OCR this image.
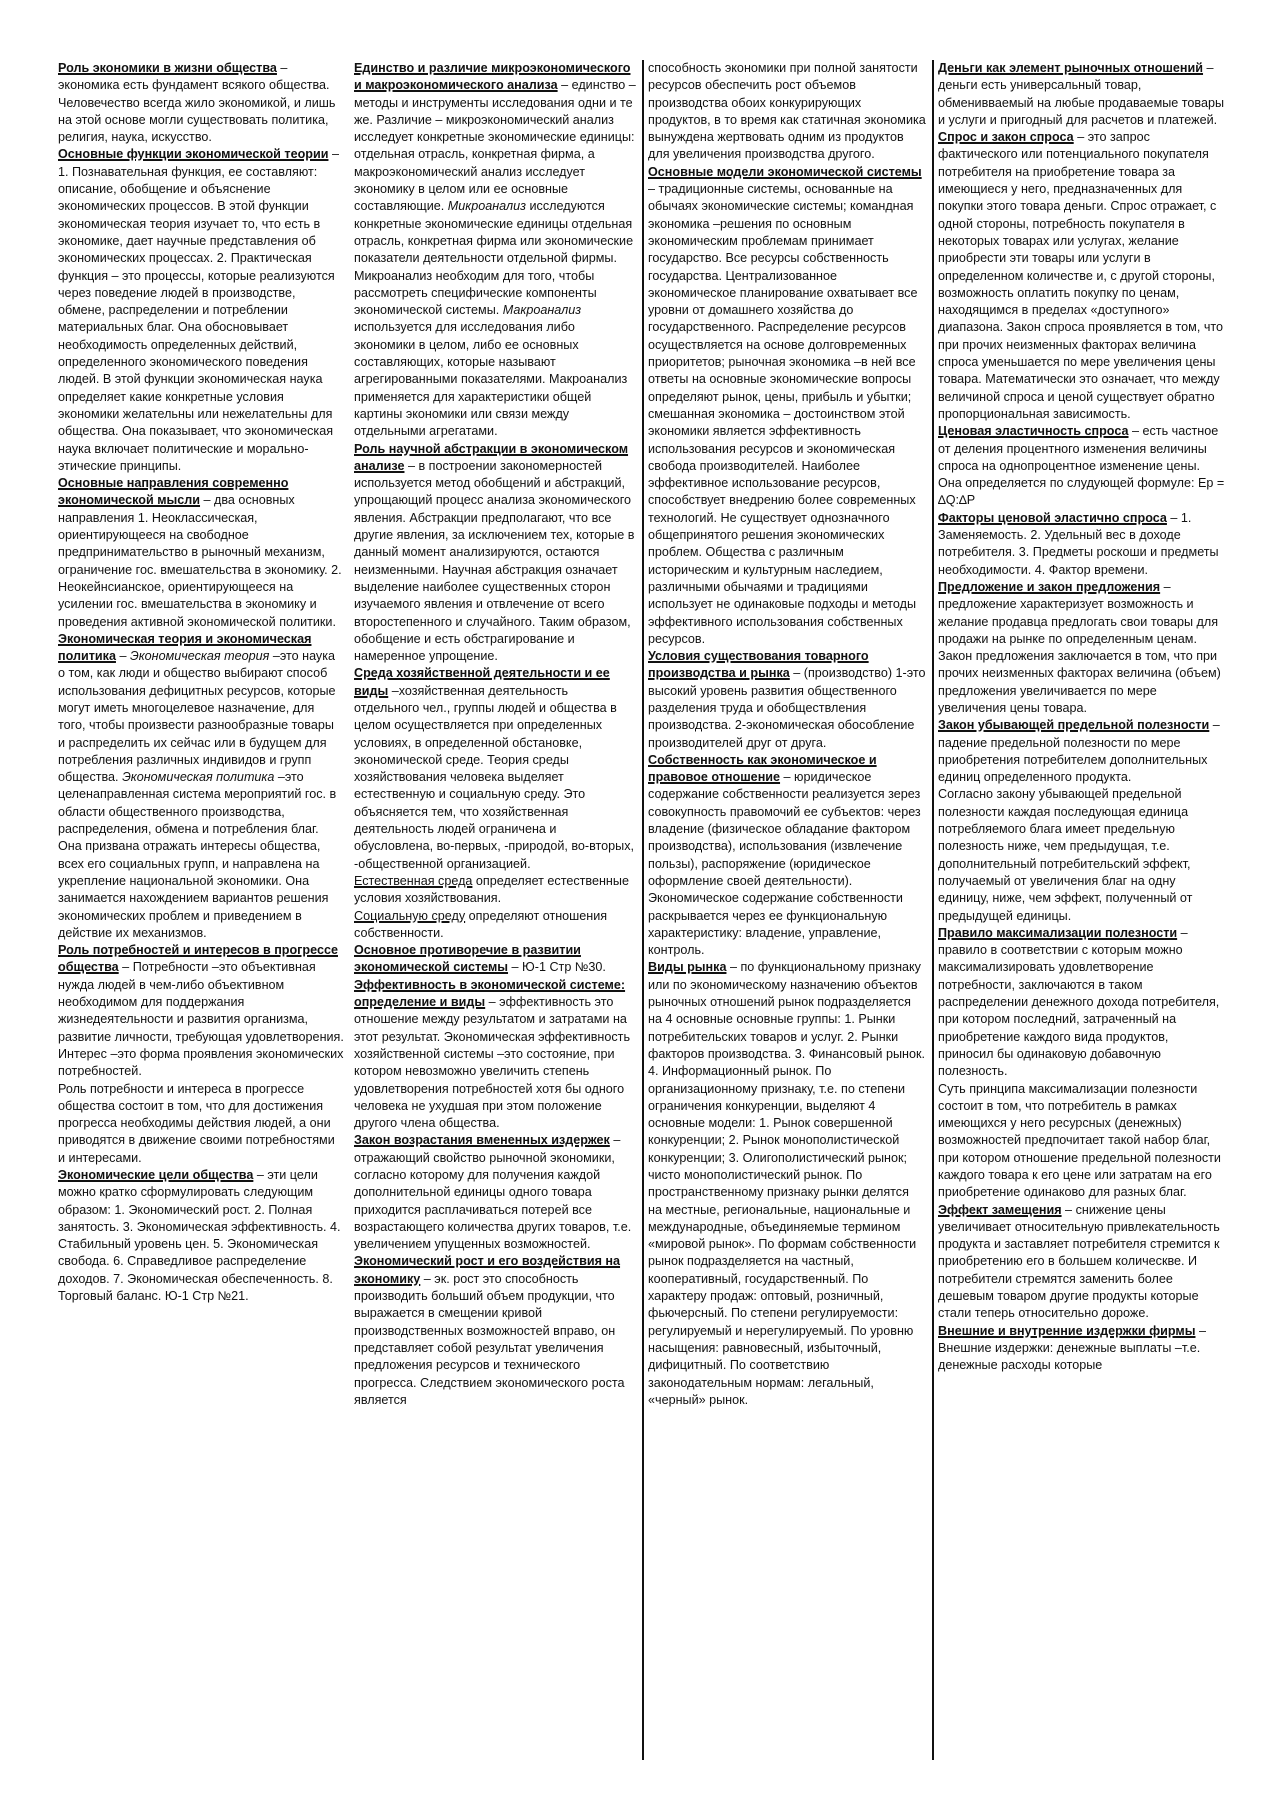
Роль экономики в жизни общества – экономика есть фундамент всякого общества. Человечество всегда жило экономикой, и лишь на этой основе могли существовать политика, религия, наука, искусство.

Основные функции экономической теории – 1. Познавательная функция, ее составляют: описание, обобщение и объяснение экономических процессов. В этой функции экономическая теория изучает то, что есть в экономике, дает научные представления об экономических процессах. 2. Практическая функция – это процессы, которые реализуются через поведение людей в производстве, обмене, распределении и потреблении материальных благ. Она обосновывает необходимость определенных действий, определенного экономического поведения людей. В этой функции экономическая наука определяет какие конкретные условия экономики желательны или нежелательны для общества. Она показывает, что экономическая наука включает политические и морально-этические принципы.

Основные направления современно экономической мысли – два основных направления 1. Неоклассическая, ориентирующееся на свободное предпринимательство в рыночный механизм, ограничение гос. вмешательства в экономику. 2. Неокейнсианское, ориентирующееся на усилении гос. вмешательства в экономику и проведения активной экономической политики.

Экономическая теория и экономическая политика – Экономическая теория –это наука о том, как люди и общество выбирают способ использования дефицитных ресурсов, которые могут иметь многоцелевое назначение, для того, чтобы произвести разнообразные товары и распределить их сейчас или в будущем для потребления различных индивидов и групп общества. Экономическая политика –это целенаправленная система мероприятий гос. в области общественного производства, распределения, обмена и потребления благ. Она призвана отражать интересы общества, всех его социальных групп, и направлена на укрепление национальной экономики. Она занимается нахождением вариантов решения экономических проблем и приведением в действие их механизмов.

Роль потребностей и интересов в прогрессе общества – Потребности –это объективная нужда людей в чем-либо объективном необходимом для поддержания жизнедеятельности и развития организма, развитие личности, требующая удовлетворения. Интерес –это форма проявления экономических потребностей.

Роль потребности и интереса в прогрессе общества состоит в том, что для достижения прогресса необходимы действия людей, а они приводятся в движение своими потребностями и интересами.

Экономические цели общества – эти цели можно кратко сформулировать следующим образом: 1. Экономический рост. 2. Полная занятость. 3. Экономическая эффективность. 4. Стабильный уровень цен. 5. Экономическая свобода. 6. Справедливое распределение доходов. 7. Экономическая обеспеченность. 8. Торговый баланс. Ю-1 Стр №21.

Единство и различие микроэкономического и макроэкономического анализа – единство –методы и инструменты исследования одни и те же. Различие – микроэкономический анализ исследует конкретные экономические единицы: отдельная отрасль, конкретная фирма, а макроэкономический анализ исследует экономику в целом или ее основные составляющие. Микроанализ исследуются конкретные экономические единицы отдельная отрасль, конкретная фирма или экономические показатели деятельности отдельной фирмы. Микроанализ необходим для того, чтобы рассмотреть специфические компоненты экономической системы. Макроанализ используется для исследования либо экономики в целом, либо ее основных составляющих, которые называют агрегированными показателями. Макроанализ применяется для характеристики общей картины экономики или связи между отдельными агрегатами.

Роль научной абстракции в экономическом анализе – в построении закономерностей используется метод обобщений и абстракций, упрощающий процесс анализа экономического явления. Абстракции предполагают, что все другие явления, за исключением тех, которые в данный момент анализируются, остаются неизменными. Научная абстракция означает выделение наиболее существенных сторон изучаемого явления и отвлечение от всего второстепенного и случайного. Таким образом, обобщение и есть обстрагирование и намеренное упрощение.

Среда хозяйственной деятельности и ее виды –хозяйственная деятельность отдельного чел., группы людей и общества в целом осуществляется при определенных условиях, в определенной обстановке, экономической среде. Теория среды хозяйствования человека выделяет естественную и социальную среду. Это объясняется тем, что хозяйственная деятельность людей ограничена и обусловлена, во-первых, -природой, во-вторых, -общественной организацией.

Естественная среда определяет естественные условия хозяйствования.

Социальную среду определяют отношения собственности.

Основное противоречие в развитии экономической системы – Ю-1 Стр №30.

Эффективность в экономической системе: определение и виды – эффективность это отношение между результатом и затратами на этот результат. Экономическая эффективность хозяйственной системы –это состояние, при котором невозможно увеличить степень удовлетворения потребностей хотя бы одного человека не ухудшая при этом положение другого члена общества.

Закон возрастания вмененных издержек – отражающий свойство рыночной экономики, согласно которому для получения каждой дополнительной единицы одного товара приходится расплачиваться потерей все возрастающего количества других товаров, т.е. увеличением упущенных возможностей.

Экономический рост и его воздействия на экономику – эк. рост это способность производить больший объем продукции, что выражается в смещении кривой производственных возможностей вправо, он представляет собой результат увеличения предложения ресурсов и технического прогресса. Следствием экономического роста является

способность экономики при полной занятости ресурсов обеспечить рост объемов производства обоих конкурирующих продуктов, в то время как статичная экономика вынуждена жертвовать одним из продуктов для увеличения производства другого.

Основные модели экономической системы – традиционные системы, основанные на обычаях экономические системы; командная экономика –решения по основным экономическим проблемам принимает государство. Все ресурсы собственность государства. Централизованное экономическое планирование охватывает все уровни от домашнего хозяйства до государственного. Распределение ресурсов осуществляется на основе долговременных приоритетов; рыночная экономика –в ней все ответы на основные экономические вопросы определяют рынок, цены, прибыль и убытки; смешанная экономика – достоинством этой экономики является эффективность использования ресурсов и экономическая свобода производителей. Наиболее эффективное использование ресурсов, способствует внедрению более современных технологий. Не существует однозначного общепринятого решения экономических проблем. Общества с различным историческим и культурным наследием, различными обычаями и традициями использует не одинаковые подходы и методы эффективного использования собственных ресурсов.

Условия существования товарного производства и рынка – (производство) 1-это высокий уровень развития общественного разделения труда и обобществления производства. 2-экономическая обособление производителей друг от друга.

Собственность как экономическое и правовое отношение – юридическое содержание собственности реализуется зерез совокупность правомочий ее субъектов: через владение (физическое обладание фактором производства), использования (извлечение пользы), распоряжение (юридическое оформление своей деятельности). Экономическое содержание собственности раскрывается через ее функциональную характеристику: владение, управление, контроль.

Виды рынка – по функциональному признаку или по экономическому назначению объектов рыночных отношений рынок подразделяется на 4 основные основные группы: 1. Рынки потребительских товаров и услуг. 2. Рынки факторов производства. 3. Финансовый рынок. 4. Информационный рынок. По организационному признаку, т.е. по степени ограничения конкуренции, выделяют 4 основные модели: 1. Рынок совершенной конкуренции; 2. Рынок монополистической конкуренции; 3. Олигополистический рынок; чисто монополистический рынок. По пространственному признаку рынки делятся на местные, региональные, национальные и международные, объединяемые термином «мировой рынок». По формам собственности рынок подразделяется на частный, кооперативный, государственный. По характеру продаж: оптовый, розничный, фьючерсный. По степени регулируемости: регулируемый и нерегулируемый. По уровню насыщения: равновесный, избыточный, дифицитный. По соответствию законодательным нормам: легальный, «черный» рынок.

Деньги как элемент рыночных отношений – деньги есть универсальный товар, обменивваемый на любые продаваемые товары и услуги и пригодный для расчетов и платежей.

Спрос и закон спроса – это запрос фактического или потенциального покупателя потребителя на приобретение товара за имеющиеся у него, предназначенных для покупки этого товара деньги. Спрос отражает, с одной стороны, потребность покупателя в некоторых товарах или услугах, желание приобрести эти товары или услуги в определенном количестве и, с другой стороны, возможность оплатить покупку по ценам, находящимся в пределах «доступного» диапазона. Закон спроса проявляется в том, что при прочих неизменных факторах величина спроса уменьшается по мере увеличения цены товара. Математически это означает, что между величиной спроса и ценой существует обратно пропорциональная зависимость.

Ценовая эластичность спроса – есть частное от деления процентного изменения величины спроса на однопроцентное изменение цены. Она определяется по слудующей формуле: Ер = ∆Q:∆P

Факторы ценовой эластично спроса – 1. Заменяемость. 2. Удельный вес в доходе потребителя. 3. Предметы роскоши и предметы необходимости. 4. Фактор времени.

Предложение и закон предложения – предложение характеризует возможность и желание продавца предлогать свои товары для продажи на рынке по определенным ценам. Закон предложения заключается в том, что при прочих неизменных факторах величина (объем) предложения увеличивается по мере увеличения цены товара.

Закон убывающей предельной полезности – падение предельной полезности по мере приобретения потребителем дополнительных единиц определенного продукта.

Согласно закону убывающей предельной полезности каждая последующая единица потребляемого блага имеет предельную полезность ниже, чем предыдущая, т.е. дополнительный потребительский эффект, получаемый от увеличения благ на одну единицу, ниже, чем эффект, полученный от предыдущей единицы.

Правило максимализации полезности – правило в соответствии с которым можно максимализировать удовлетворение потребности, заключаются в таком распределении денежного дохода потребителя, при котором последний, затраченный на приобретение каждого вида продуктов, приносил бы одинаковую добавочную полезность.

Суть принципа максимализации полезности состоит в том, что потребитель в рамках имеющихся у него ресурсных (денежных) возможностей предпочитает такой набор благ, при котором отношение предельной полезности каждого товара к его цене или затратам на его приобретение одинаково для разных благ.

Эффект замещения – снижение цены увеличивает относительную привлекательность продукта и заставляет потребителя стремится к приобретению его в большем колическве. И потребители стремятся заменить более дешевым товаром другие продукты которые стали теперь относительно дороже.

Внешние и внутренние издержки фирмы – Внешние издержки: денежные выплаты –т.е. денежные расходы которые
